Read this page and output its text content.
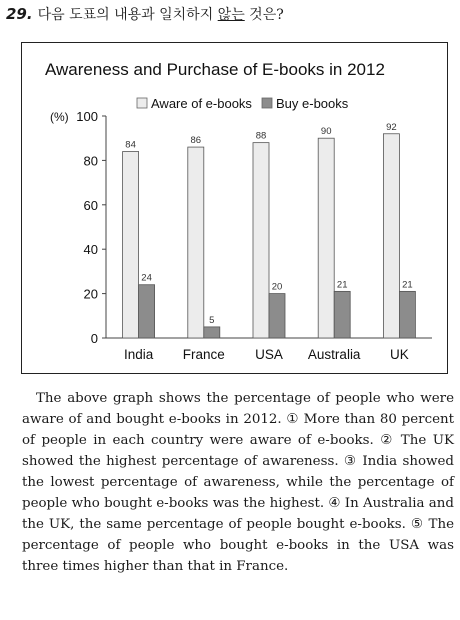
29. 다음 도표의 내용과 일치하지 않는 것은?
Awareness and Purchase of E-books in 2012
(%)
Aware of e-books Buy e-books
0
20
40
60
80
100
84
24
India
86
5
France
88
20
USA
90
21
Australia
92
21
UK
The above graph shows the percentage of people who were aware of and bought e-books in 2012. ① More than 80 percent of people in each country were aware of e-books. ② The UK showed the highest percentage of awareness. ③ India showed the lowest percentage of awareness, while the percentage of people who bought e-books was the highest. ④ In Australia and the UK, the same percentage of people bought e-books. ⑤ The percentage of people who bought e-books in the USA was three times higher than that in France.
